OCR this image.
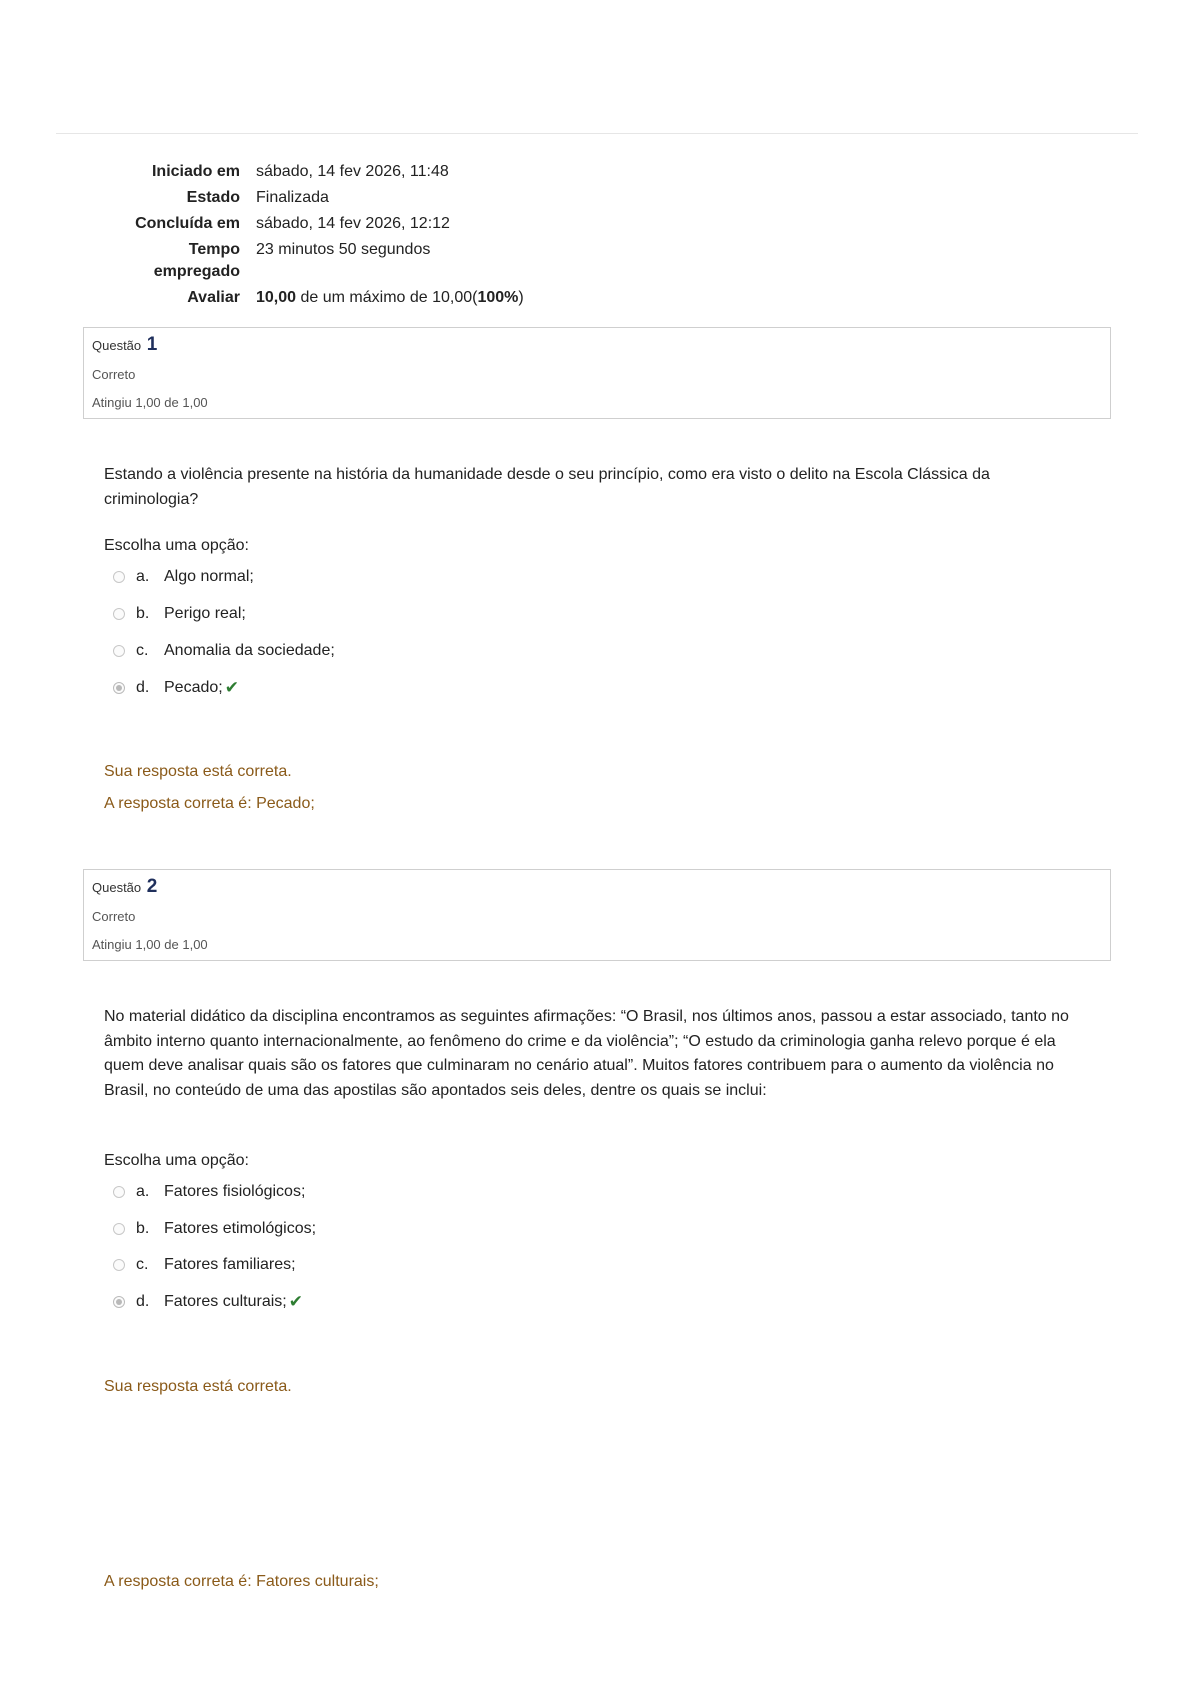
Iniciado em	sábado, 14 fev 2026, 11:48
Estado	Finalizada
Concluída em	sábado, 14 fev 2026, 12:12
Tempo empregado	23 minutos 50 segundos
Avaliar	10,00 de um máximo de 10,00(100%)
Questão 1
Correto
Atingiu 1,00 de 1,00
Estando a violência presente na história da humanidade desde o seu princípio, como era visto o delito na Escola Clássica da criminologia?
Escolha uma opção:
a. Algo normal;
b. Perigo real;
c. Anomalia da sociedade;
d. Pecado; ✔
Sua resposta está correta.
A resposta correta é: Pecado;
Questão 2
Correto
Atingiu 1,00 de 1,00
No material didático da disciplina encontramos as seguintes afirmações: “O Brasil, nos últimos anos, passou a estar associado, tanto no âmbito interno quanto internacionalmente, ao fenômeno do crime e da violência”; “O estudo da criminologia ganha relevo porque é ela quem deve analisar quais são os fatores que culminaram no cenário atual”. Muitos fatores contribuem para o aumento da violência no Brasil, no conteúdo de uma das apostilas são apontados seis deles, dentre os quais se inclui:
Escolha uma opção:
a. Fatores fisiológicos;
b. Fatores etimológicos;
c. Fatores familiares;
d. Fatores culturais; ✔
Sua resposta está correta.
A resposta correta é: Fatores culturais;
